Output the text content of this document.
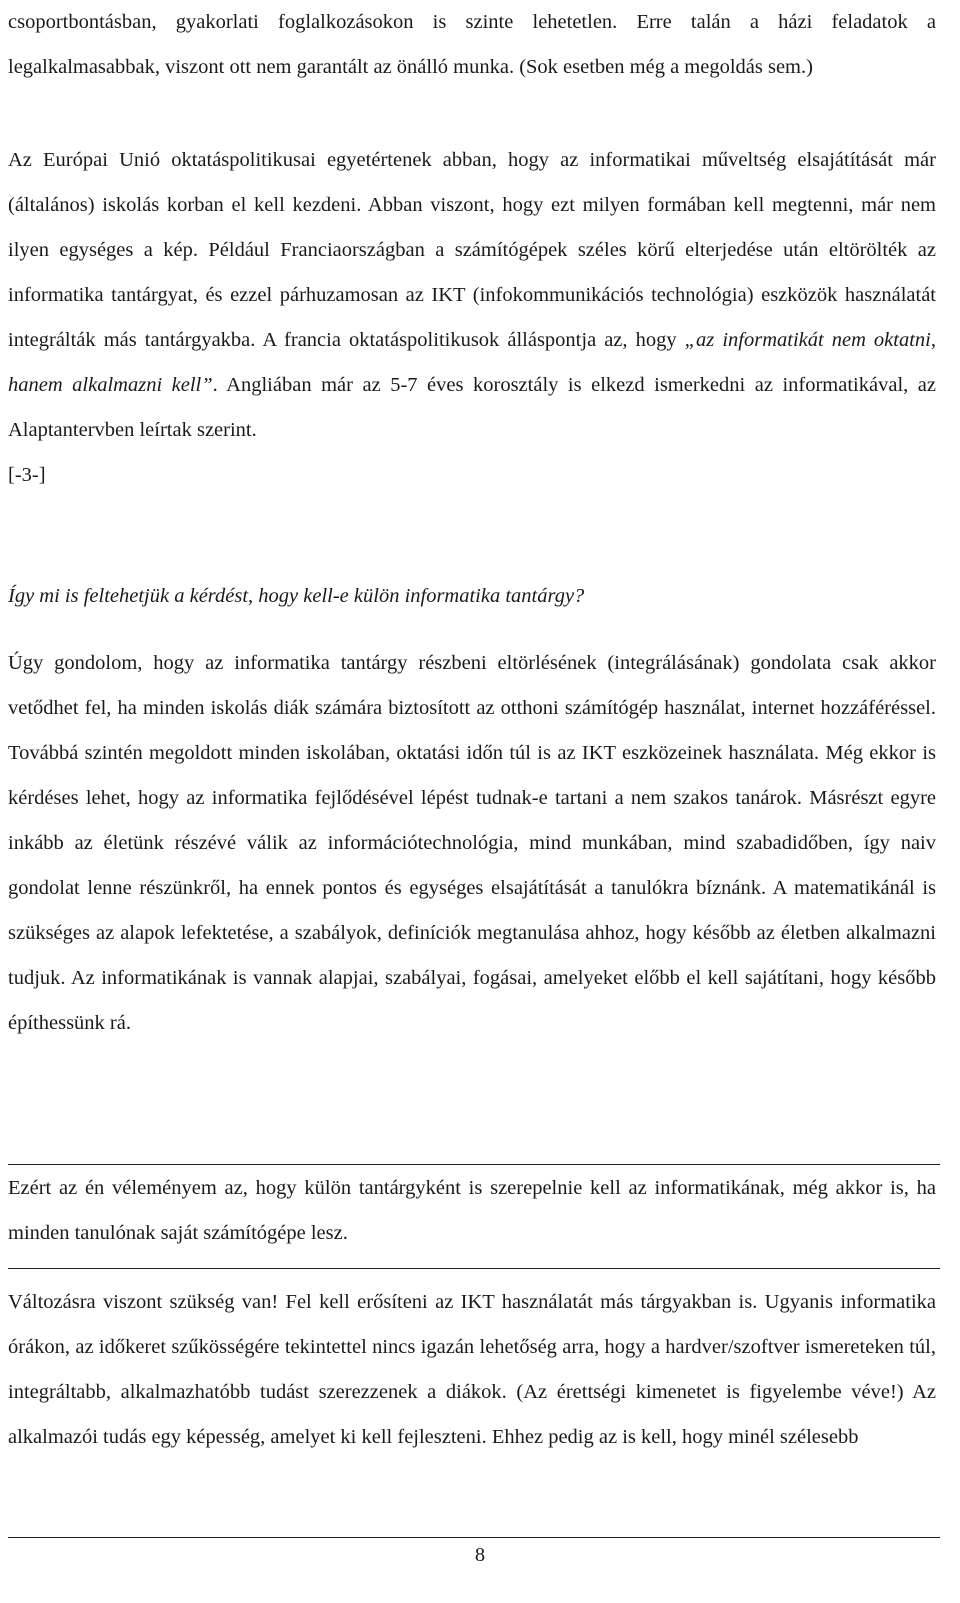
csoportbontásban, gyakorlati foglalkozásokon is szinte lehetetlen. Erre talán a házi feladatok a legalkalmasabbak, viszont ott nem garantált az önálló munka. (Sok esetben még a megoldás sem.)

Az Európai Unió oktatáspolitikusai egyetértenek abban, hogy az informatikai műveltség elsajátítását már (általános) iskolás korban el kell kezdeni. Abban viszont, hogy ezt milyen formában kell megtenni, már nem ilyen egységes a kép. Például Franciaországban a számítógépek széles körű elterjedése után eltörölték az informatika tantárgyat, és ezzel párhuzamosan az IKT (infokommunikációs technológia) eszközök használatát integrálták más tantárgyakba. A francia oktatáspolitikusok álláspontja az, hogy „az informatikát nem oktatni, hanem alkalmazni kell”. Angliában már az 5-7 éves korosztály is elkezd ismerkedni az informatikával, az Alaptantervben leírtak szerint.
[-3-]

Így mi is feltehetjük a kérdést, hogy kell-e külön informatika tantárgy?

Úgy gondolom, hogy az informatika tantárgy részbeni eltörlésének (integrálásának) gondolata csak akkor vetődhet fel, ha minden iskolás diák számára biztosított az otthoni számítógép használat, internet hozzáféréssel. Továbbá szintén megoldott minden iskolában, oktatási időn túl is az IKT eszközeinek használata. Még ekkor is kérdéses lehet, hogy az informatika fejlődésével lépést tudnak-e tartani a nem szakos tanárok. Másrészt egyre inkább az életünk részévé válik az információtechnológia, mind munkában, mind szabadidőben, így naiv gondolat lenne részünkről, ha ennek pontos és egységes elsajátítását a tanulókra bíznánk. A matematikánál is szükséges az alapok lefektetése, a szabályok, definíciók megtanulása ahhoz, hogy később az életben alkalmazni tudjuk. Az informatikának is vannak alapjai, szabályai, fogásai, amelyeket előbb el kell sajátítani, hogy később építhessünk rá.

Ezért az én véleményem az, hogy külön tantárgyként is szerepelnie kell az informatikának, még akkor is, ha minden tanulónak saját számítógépe lesz.

Változásra viszont szükség van! Fel kell erősíteni az IKT használatát más tárgyakban is. Ugyanis informatika órákon, az időkeret szűkösségére tekintettel nincs igazán lehetőség arra, hogy a hardver/szoftver ismereteken túl, integráltabb, alkalmazhatóbb tudást szerezzenek a diákok. (Az érettségi kimenetet is figyelembe véve!) Az alkalmazói tudás egy képesség, amelyet ki kell fejleszteni. Ehhez pedig az is kell, hogy minél szélesebb

8
